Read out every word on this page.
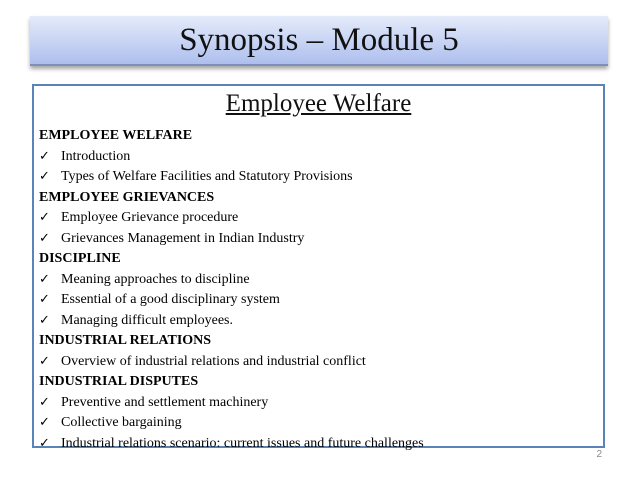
Synopsis – Module 5
Employee Welfare
EMPLOYEE WELFARE
✓ Introduction
✓ Types of Welfare Facilities and Statutory Provisions
EMPLOYEE GRIEVANCES
✓ Employee Grievance procedure
✓ Grievances Management in Indian Industry
DISCIPLINE
✓ Meaning approaches to discipline
✓ Essential of a good disciplinary system
✓ Managing difficult employees.
INDUSTRIAL RELATIONS
✓ Overview of industrial relations and industrial conflict
INDUSTRIAL DISPUTES
✓ Preventive and settlement machinery
✓ Collective bargaining
✓ Industrial relations scenario: current issues and future challenges
2
